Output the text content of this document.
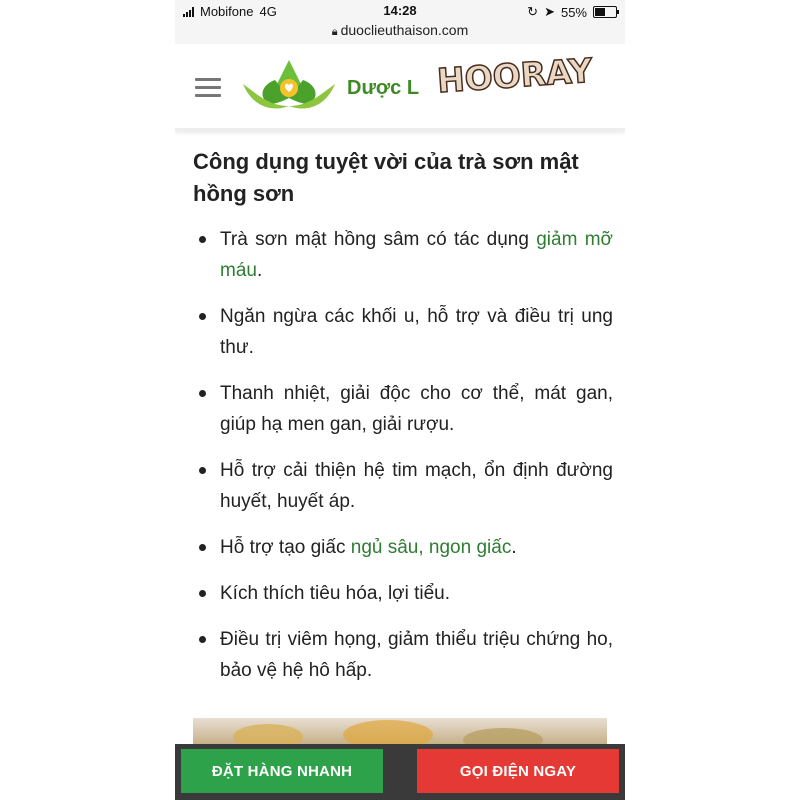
Mobifone 4G	14:28	↻ ➤ 55%
🔒︎ duoclieuthaison.com
Dược L HOORAY
Công dụng tuyệt vời của trà sơn mật hồng sơn
Trà sơn mật hồng sâm có tác dụng giảm mỡ máu.
Ngăn ngừa các khối u, hỗ trợ và điều trị ung thư.
Thanh nhiệt, giải độc cho cơ thể, mát gan, giúp hạ men gan, giải rượu.
Hỗ trợ cải thiện hệ tim mạch, ổn định đường huyết, huyết áp.
Hỗ trợ tạo giấc ngủ sâu, ngon giấc.
Kích thích tiêu hóa, lợi tiểu.
Điều trị viêm họng, giảm thiểu triệu chứng ho, bảo vệ hệ hô hấp.
ĐẶT HÀNG NHANH	GỌI ĐIỆN NGAY
